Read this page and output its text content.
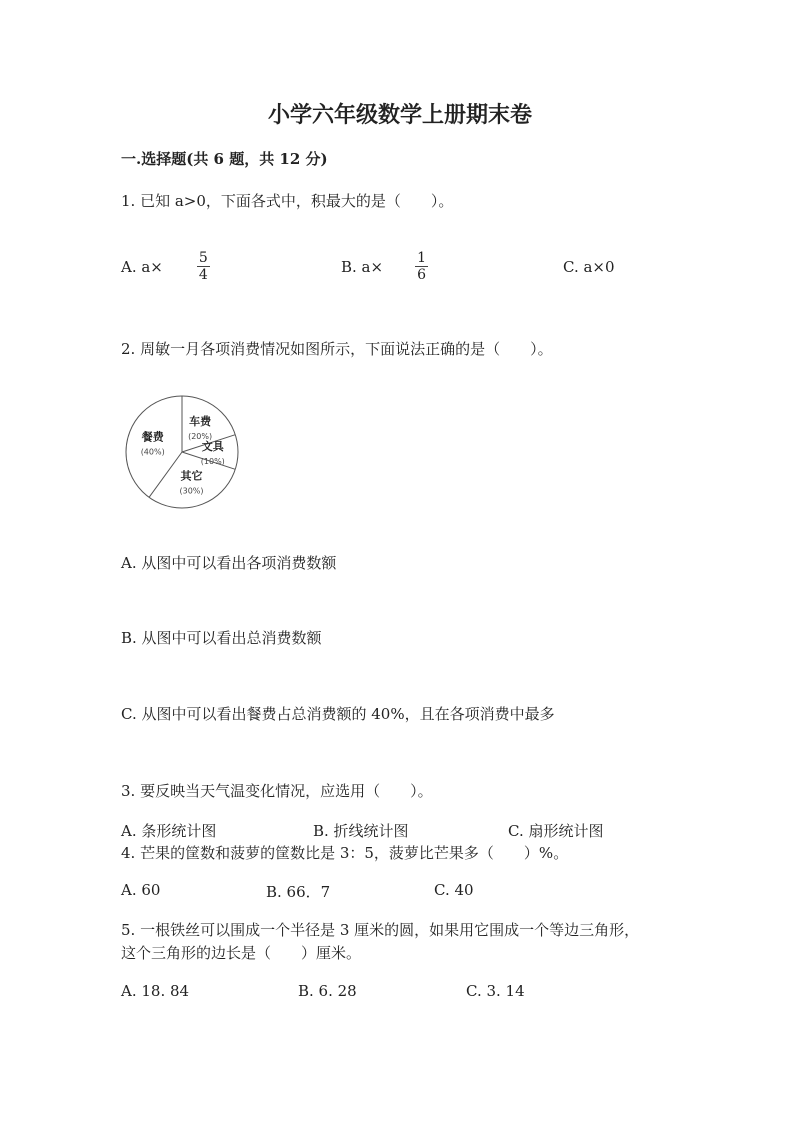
小学六年级数学上册期末卷
一.选择题(共 6 题，共 12 分)
1. 已知 a>0，下面各式中，积最大的是（　　）。
A. $a\times \frac{5}{4}$	B. $a\times \frac{1}{6}$	C. a×0
2. 周敏一月各项消费情况如图所示，下面说法正确的是（　　）。
车费
(20%)
文具
(10%)
其它
(30%)
餐费
(40%)
A. 从图中可以看出各项消费数额
B. 从图中可以看出总消费数额
C. 从图中可以看出餐费占总消费额的 40%，且在各项消费中最多
3. 要反映当天气温变化情况，应选用（　　）。
A. 条形统计图	B. 折线统计图	C. 扇形统计图
4. 芒果的筐数和菠萝的筐数比是 3：5，菠萝比芒果多（　　）%。
A. 60	B. 66．7	C. 40
5. 一根铁丝可以围成一个半径是 3 厘米的圆，如果用它围成一个等边三角形，
这个三角形的边长是（　　）厘米。
A. 18. 84	B. 6. 28	C. 3. 14
